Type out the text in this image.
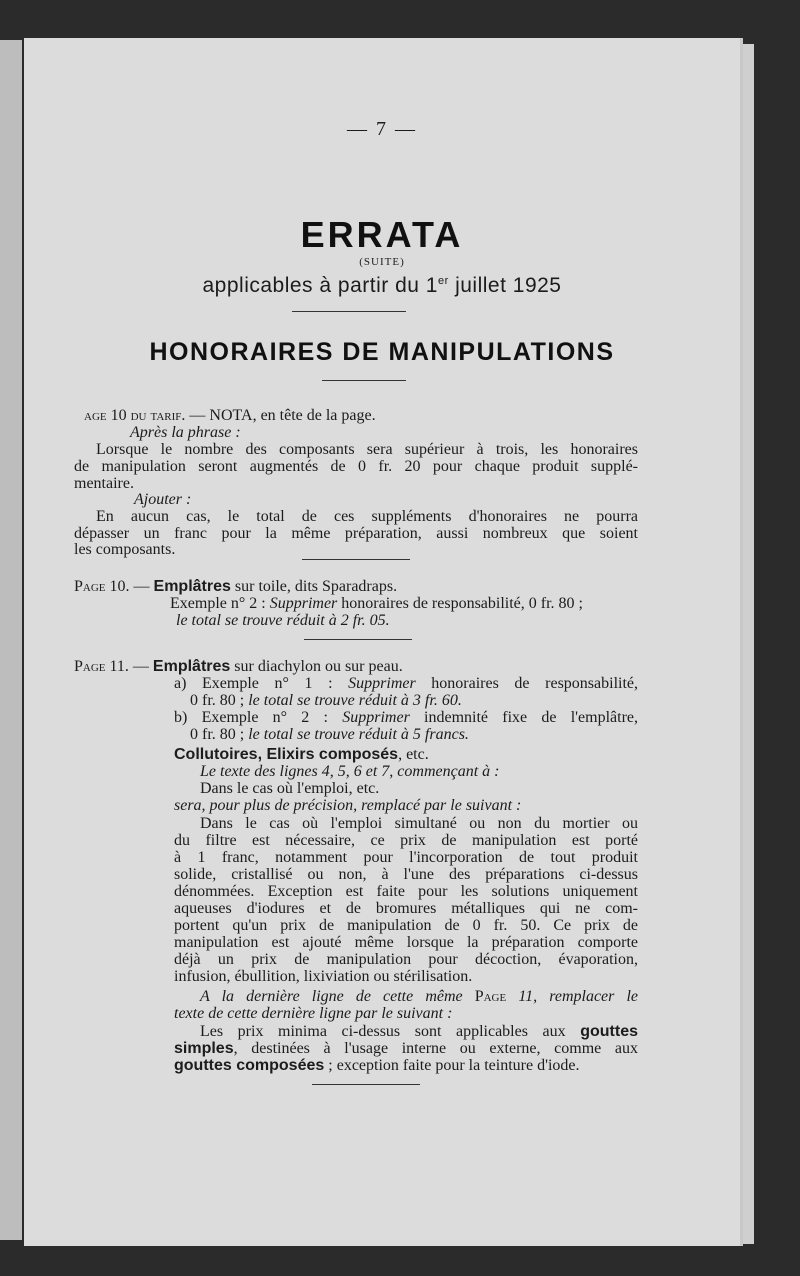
— 7 —
ERRATA
(SUITE)
applicables à partir du 1er juillet 1925
HONORAIRES DE MANIPULATIONS
age 10 du tarif. — NOTA, en tête de la page.
Après la phrase :
Lorsque le nombre des composants sera supérieur à trois, les honoraires
de manipulation seront augmentés de 0 fr. 20 pour chaque produit supplé-
mentaire.
Ajouter :
En aucun cas, le total de ces suppléments d'honoraires ne pourra
dépasser un franc pour la même préparation, aussi nombreux que soient
les composants.
Page 10. — Emplâtres sur toile, dits Sparadraps.
Exemple n° 2 : Supprimer honoraires de responsabilité, 0 fr. 80 ;
le total se trouve réduit à 2 fr. 05.
Page 11. — Emplâtres sur diachylon ou sur peau.
a) Exemple n° 1 : Supprimer honoraires de responsabilité,
0 fr. 80 ; le total se trouve réduit à 3 fr. 60.
b) Exemple n° 2 : Supprimer indemnité fixe de l'emplâtre,
0 fr. 80 ; le total se trouve réduit à 5 francs.
Collutoires, Elixirs composés, etc.
Le texte des lignes 4, 5, 6 et 7, commençant à :
Dans le cas où l'emploi, etc.
sera, pour plus de précision, remplacé par le suivant :
Dans le cas où l'emploi simultané ou non du mortier ou
du filtre est nécessaire, ce prix de manipulation est porté
à 1 franc, notamment pour l'incorporation de tout produit
solide, cristallisé ou non, à l'une des préparations ci-dessus
dénommées. Exception est faite pour les solutions uniquement
aqueuses d'iodures et de bromures métalliques qui ne com-
portent qu'un prix de manipulation de 0 fr. 50. Ce prix de
manipulation est ajouté même lorsque la préparation comporte
déjà un prix de manipulation pour décoction, évaporation,
infusion, ébullition, lixiviation ou stérilisation.
A la dernière ligne de cette même Page 11, remplacer le
texte de cette dernière ligne par le suivant :
Les prix minima ci-dessus sont applicables aux gouttes
simples, destinées à l'usage interne ou externe, comme aux
gouttes composées ; exception faite pour la teinture d'iode.
